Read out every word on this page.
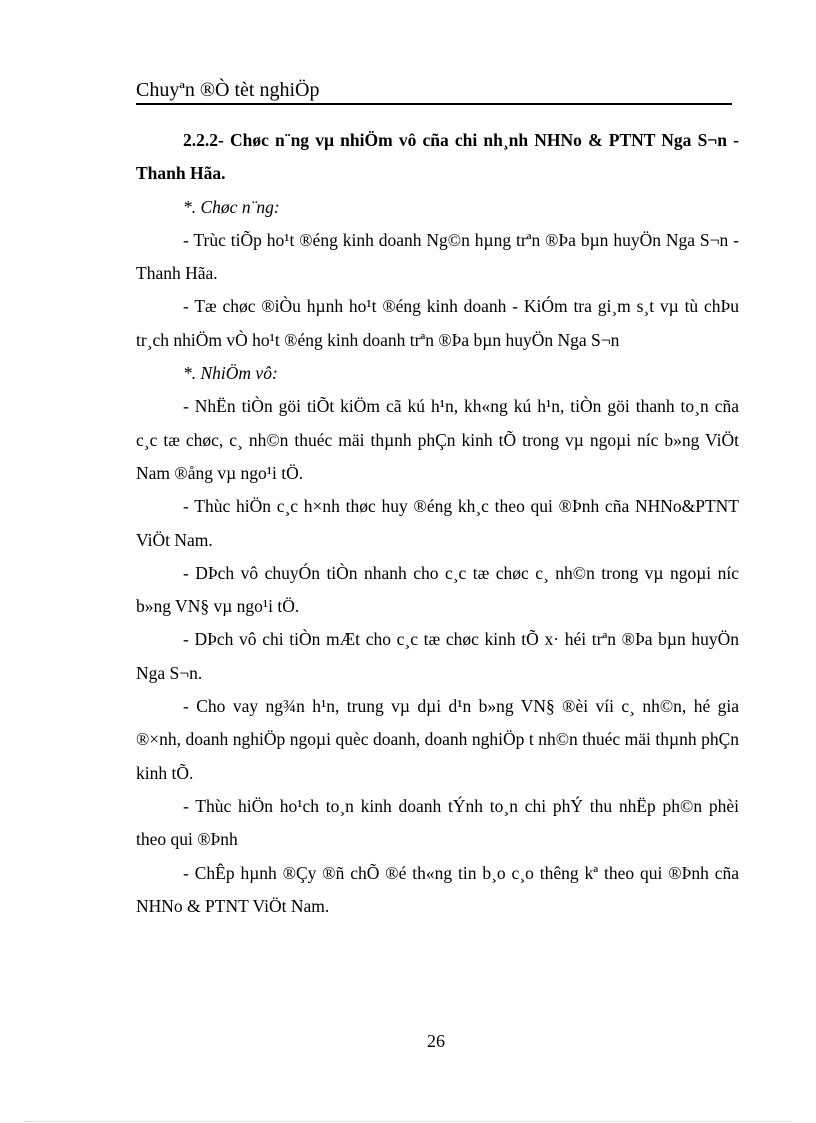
Chuyªn ®Ò tèt nghiÖp

2.2.2- Chøc n¨ng vµ nhiÖm vô cña chi nh¸nh NHNo & PTNT Nga S¬n - Thanh Hãa.

*. Chøc n¨ng:

- Trùc tiÕp ho¹t ®éng kinh doanh Ng©n hµng trªn ®Þa bµn huyÖn Nga S¬n - Thanh Hãa.

- Tæ chøc ®iÒu hµnh ho¹t ®éng kinh doanh - KiÓm tra gi¸m s¸t vµ tù chÞu tr¸ch nhiÖm vÒ ho¹t ®éng kinh doanh trªn ®Þa bµn huyÖn Nga S¬n

*. NhiÖm vô:

- NhËn tiÒn göi tiÕt kiÖm cã kú h¹n, kh«ng kú h¹n, tiÒn göi thanh to¸n cña c¸c tæ chøc, c¸ nh©n thuéc mäi thµnh phÇn kinh tÕ trong vµ ngoµi níc b»ng ViÖt Nam ®ång vµ ngo¹i tÖ.

- Thùc hiÖn c¸c h×nh thøc huy ®éng kh¸c theo qui ®Þnh cña NHNo&PTNT ViÖt Nam.

- DÞch vô chuyÓn tiÒn nhanh cho c¸c tæ chøc c¸ nh©n trong vµ ngoµi níc b»ng VN§ vµ ngo¹i tÖ.

- DÞch vô chi tiÒn mÆt cho c¸c tæ chøc kinh tÕ x· héi trªn ®Þa bµn huyÖn Nga S¬n.

- Cho vay ng¾n h¹n, trung vµ dµi d¹n b»ng VN§ ®èi víi c¸ nh©n, hé gia ®×nh, doanh nghiÖp ngoµi quèc doanh, doanh nghiÖp t nh©n thuéc mäi thµnh phÇn kinh tÕ.

- Thùc hiÖn ho¹ch to¸n kinh doanh tÝnh to¸n chi phÝ thu nhËp ph©n phèi theo qui ®Þnh

- ChÊp hµnh ®Çy ®ñ chÕ ®é th«ng tin b¸o c¸o thêng kª theo qui ®Þnh cña NHNo & PTNT ViÖt Nam.

26
